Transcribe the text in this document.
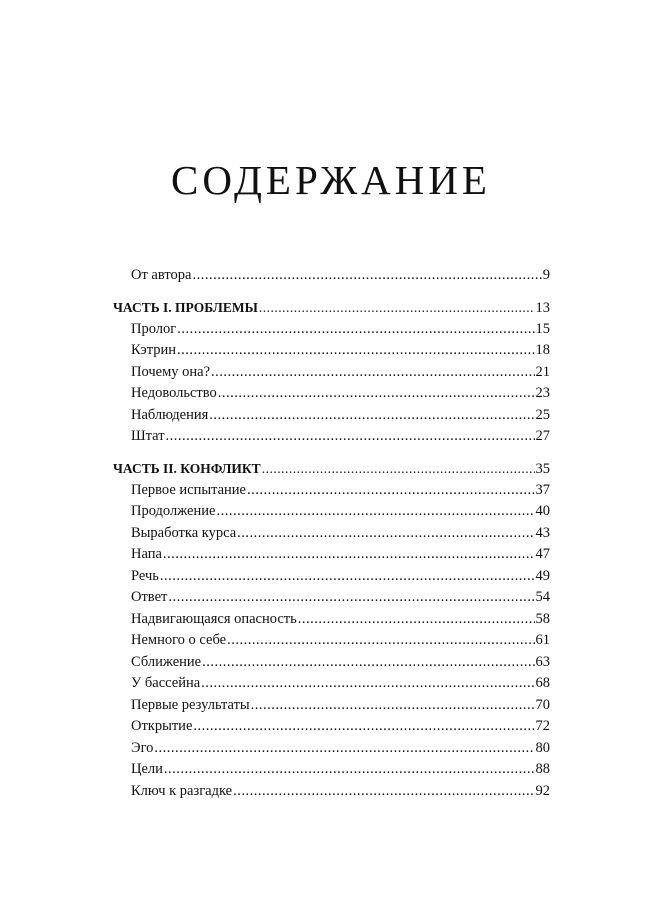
СОДЕРЖАНИЕ
От автора .....	9
ЧАСТЬ I. ПРОБЛЕМЫ .....	13
Пролог .....	15
Кэтрин .....	18
Почему она? .....	21
Недовольство .....	23
Наблюдения .....	25
Штат .....	27
ЧАСТЬ II. КОНФЛИКТ .....	35
Первое испытание .....	37
Продолжение .....	40
Выработка курса .....	43
Напа .....	47
Речь .....	49
Ответ .....	54
Надвигающаяся опасность .....	58
Немного о себе .....	61
Сближение .....	63
У бассейна .....	68
Первые результаты .....	70
Открытие .....	72
Эго .....	80
Цели .....	88
Ключ к разгадке .....	92
